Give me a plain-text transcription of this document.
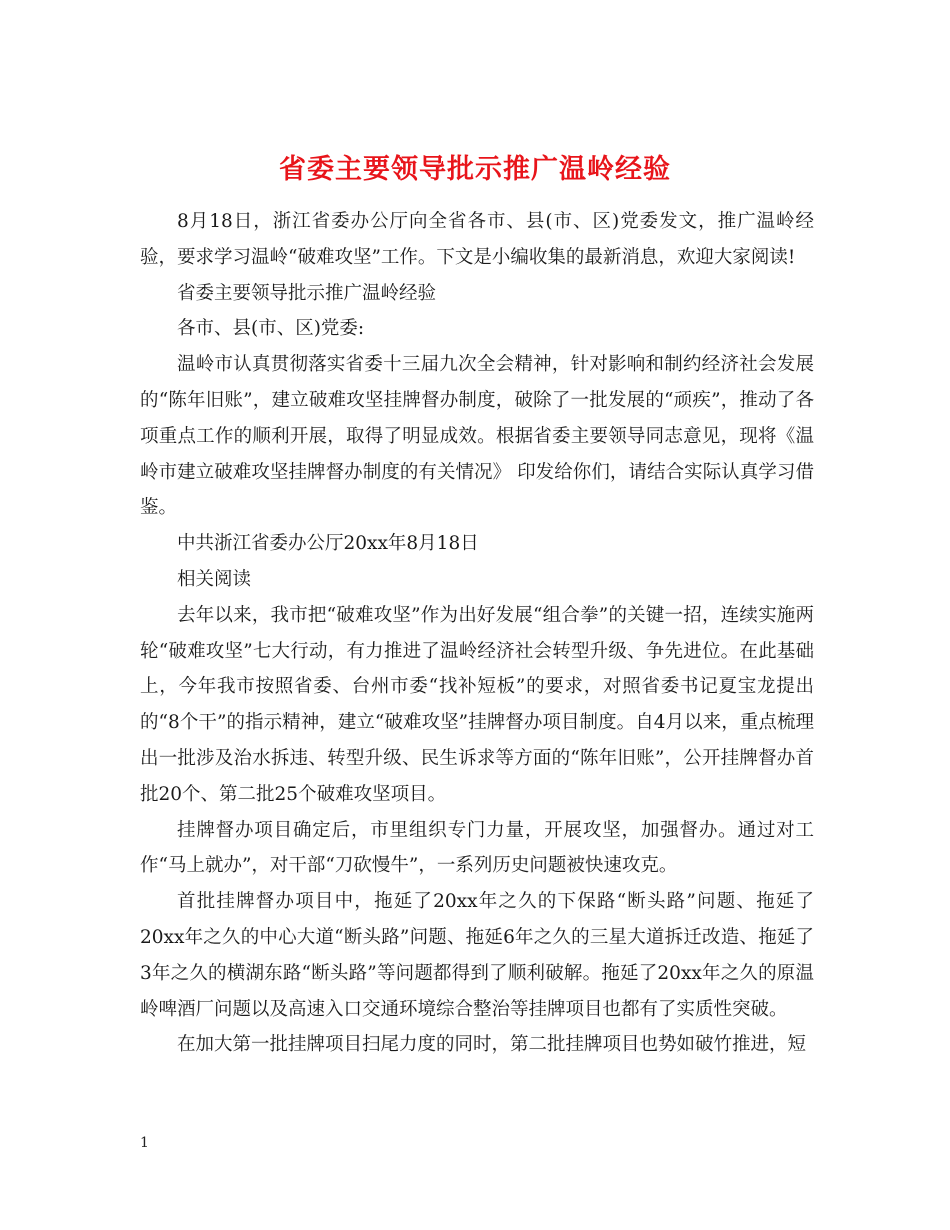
省委主要领导批示推广温岭经验

8月18日，浙江省委办公厅向全省各市、县(市、区)党委发文，推广温岭经验，要求学习温岭“破难攻坚”工作。下文是小编收集的最新消息，欢迎大家阅读!

省委主要领导批示推广温岭经验

各市、县(市、区)党委:

温岭市认真贯彻落实省委十三届九次全会精神，针对影响和制约经济社会发展的“陈年旧账”，建立破难攻坚挂牌督办制度，破除了一批发展的“顽疾”，推动了各项重点工作的顺利开展，取得了明显成效。根据省委主要领导同志意见，现将《温岭市建立破难攻坚挂牌督办制度的有关情况》 印发给你们，请结合实际认真学习借鉴。

中共浙江省委办公厅20xx年8月18日

相关阅读

去年以来，我市把“破难攻坚”作为出好发展“组合拳”的关键一招，连续实施两轮“破难攻坚”七大行动，有力推进了温岭经济社会转型升级、争先进位。在此基础上，今年我市按照省委、台州市委“找补短板”的要求，对照省委书记夏宝龙提出的“8个干”的指示精神，建立“破难攻坚”挂牌督办项目制度。自4月以来，重点梳理出一批涉及治水拆违、转型升级、民生诉求等方面的“陈年旧账”，公开挂牌督办首批20个、第二批25个破难攻坚项目。

挂牌督办项目确定后，市里组织专门力量，开展攻坚，加强督办。通过对工作“马上就办”，对干部“刀砍慢牛”，一系列历史问题被快速攻克。

首批挂牌督办项目中，拖延了20xx年之久的下保路“断头路”问题、拖延了20xx年之久的中心大道“断头路”问题、拖延6年之久的三星大道拆迁改造、拖延了3年之久的横湖东路“断头路”等问题都得到了顺利破解。拖延了20xx年之久的原温岭啤酒厂问题以及高速入口交通环境综合整治等挂牌项目也都有了实质性突破。

在加大第一批挂牌项目扫尾力度的同时，第二批挂牌项目也势如破竹推进，短

1
